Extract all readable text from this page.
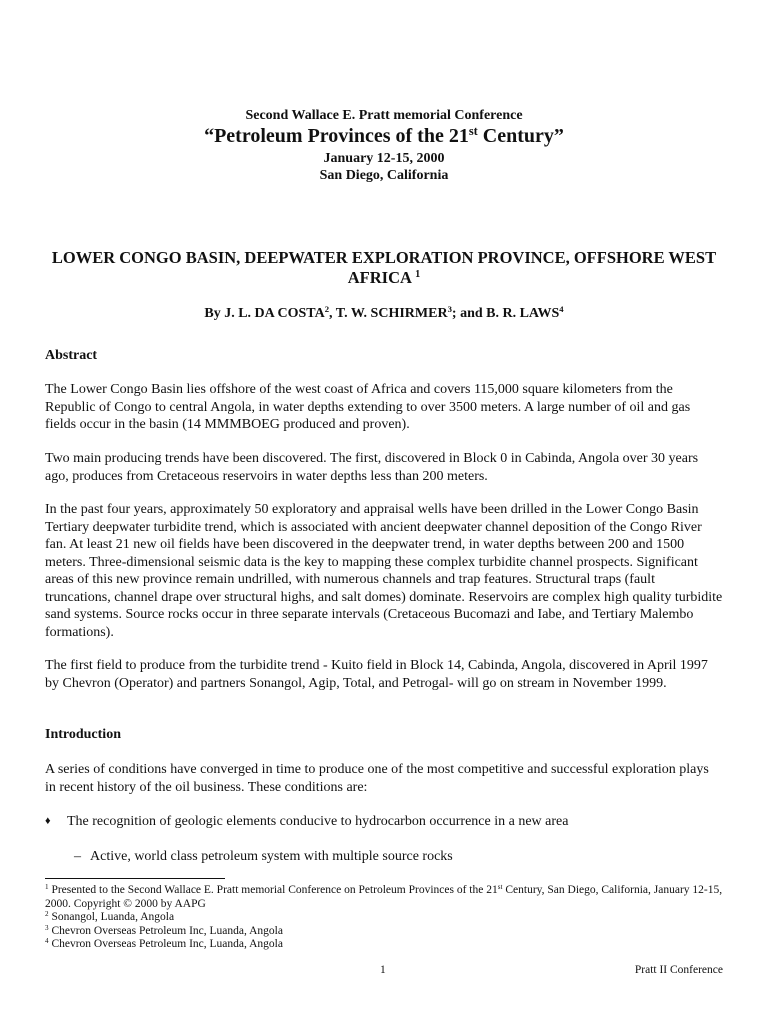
Second Wallace E. Pratt memorial Conference
“Petroleum Provinces of the 21st Century”
January 12-15, 2000
San Diego, California
LOWER CONGO BASIN, DEEPWATER EXPLORATION PROVINCE, OFFSHORE WEST AFRICA $^1$
By J. L. DA COSTA$^2$, T. W. SCHIRMER$^3$; and B. R. LAWS$^4$
Abstract

The Lower Congo Basin lies offshore of the west coast of Africa and covers 115,000 square kilometers from the Republic of Congo to central Angola, in water depths extending to over 3500 meters. A large number of oil and gas fields occur in the basin (14 MMMBOEG produced and proven).

Two main producing trends have been discovered. The first, discovered in Block 0 in Cabinda, Angola over 30 years ago, produces from Cretaceous reservoirs in water depths less than 200 meters.

In the past four years, approximately 50 exploratory and appraisal wells have been drilled in the Lower Congo Basin Tertiary deepwater turbidite trend, which is associated with ancient deepwater channel deposition of the Congo River fan. At least 21 new oil fields have been discovered in the deepwater trend, in water depths between 200 and 1500 meters. Three-dimensional seismic data is the key to mapping these complex turbidite channel prospects. Significant areas of this new province remain undrilled, with numerous channels and trap features. Structural traps (fault truncations, channel drape over structural highs, and salt domes) dominate. Reservoirs are complex high quality turbidite sand systems. Source rocks occur in three separate intervals (Cretaceous Bucomazi and Iabe, and Tertiary Malembo formations).

The first field to produce from the turbidite trend - Kuito field in Block 14, Cabinda, Angola, discovered in April 1997 by Chevron (Operator) and partners Sonangol, Agip, Total, and Petrogal- will go on stream in November 1999.

Introduction

A series of conditions have converged in time to produce one of the most competitive and successful exploration plays in recent history of the oil business. These conditions are:

♦ The recognition of geologic elements conducive to hydrocarbon occurrence in a new area
– Active, world class petroleum system with multiple source rocks

$^1$ Presented to the Second Wallace E. Pratt memorial Conference on Petroleum Provinces of the 21st Century, San Diego, California, January 12-15, 2000. Copyright © 2000 by AAPG

$^2$ Sonangol, Luanda, Angola

$^3$ Chevron Overseas Petroleum Inc, Luanda, Angola

$^4$ Chevron Overseas Petroleum Inc, Luanda, Angola

1	Pratt II Conference
